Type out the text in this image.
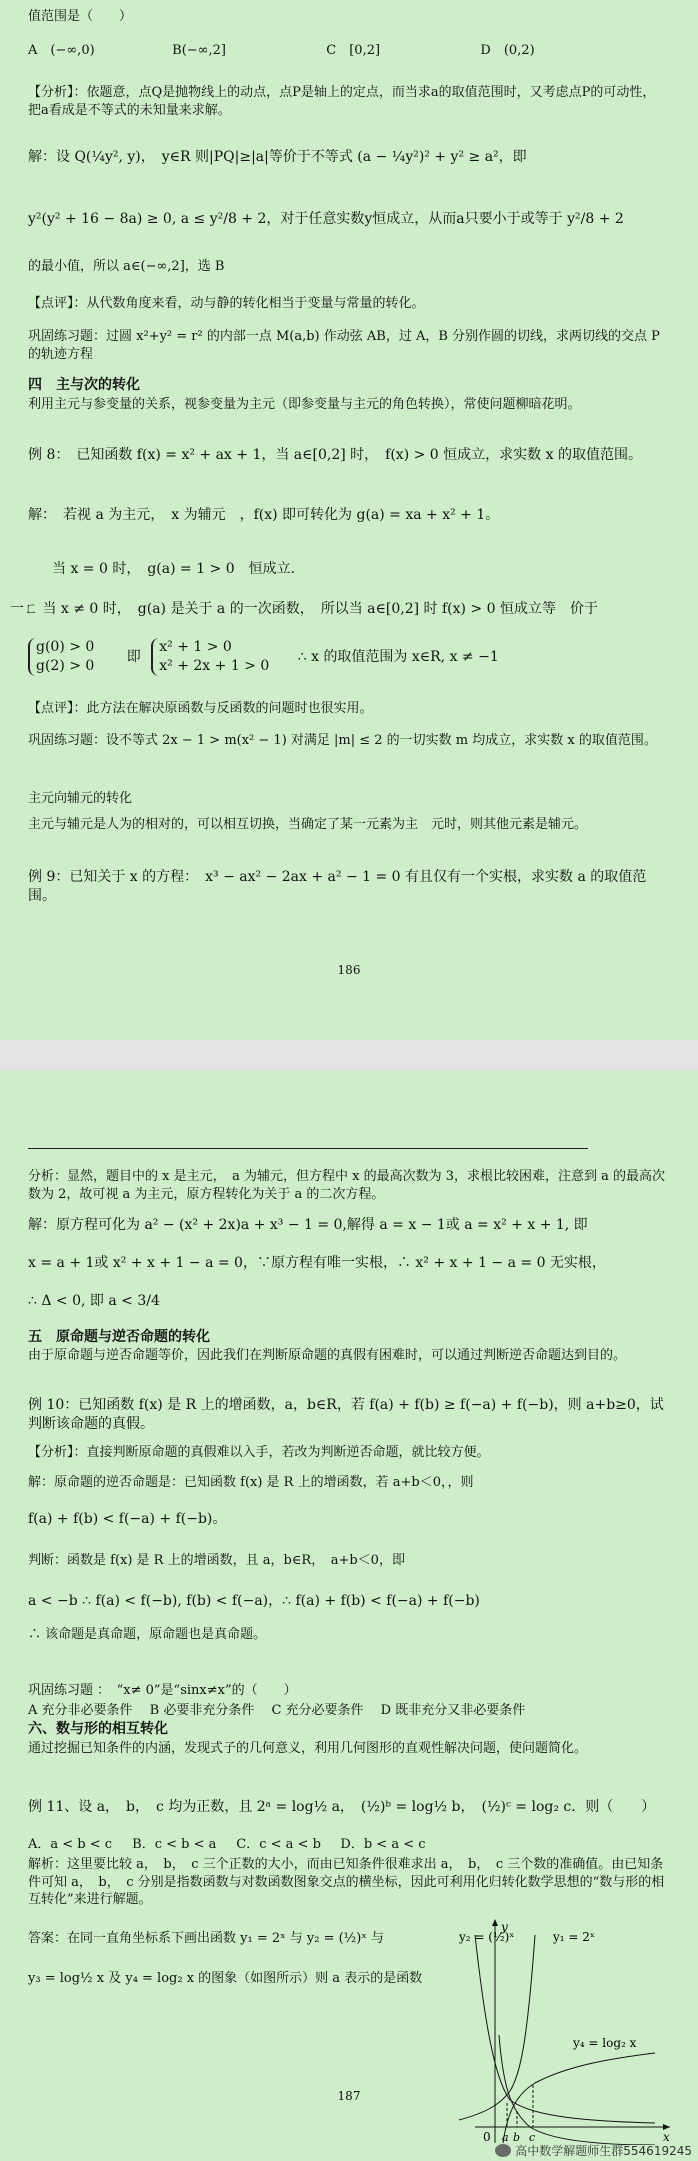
值范围是（　　）
A　(−∞,0)	B(−∞,2]	C　[0,2]	D　(0,2)
【分析】：依题意，点Q是抛物线上的动点，点P是轴上的定点，而当求a的取值范围时，又考虑点P的可动性，把a看成是不等式的未知量来求解。
解：设 Q(¼y², y)，　y∈R 则|PQ|≥|a|等价于不等式 (a − ¼y²)² + y² ≥ a²，即
y²(y² + 16 − 8a) ≥ 0, a ≤ y²/8 + 2，对于任意实数y恒成立，从而a只要小于或等于 y²/8 + 2
的最小值，所以 a∈(−∞,2]，选 B
【点评】：从代数角度来看，动与静的转化相当于变量与常量的转化。
巩固练习题：过圆 x²+y² = r² 的内部一点 M(a,b) 作动弦 AB，过 A，B 分别作圆的切线，求两切线的交点 P 的轨迹方程
四　主与次的转化
利用主元与参变量的关系，视参变量为主元（即参变量与主元的角色转换），常使问题柳暗花明。
例 8：　已知函数 f(x) = x² + ax + 1，当 a∈[0,2] 时，　f(x) > 0 恒成立，求实数 x 的取值范围。
解：　若视 a 为主元，　x 为辅元　，f(x) 即可转化为 g(a) = xa + x² + 1。
当 x = 0 时，　g(a) = 1 > 0　恒成立.
一ㄈ 当 x ≠ 0 时，　g(a) 是关于 a 的一次函数，　所以当 a∈[0,2] 时 f(x) > 0 恒成立等　价于
g(0) > 0
g(2) > 0
即
x² + 1 > 0
x² + 2x + 1 > 0
∴ x 的取值范围为 x∈R, x ≠ −1
【点评】：此方法在解决原函数与反函数的问题时也很实用。
巩固练习题：设不等式 2x − 1 > m(x² − 1) 对满足 |m| ≤ 2 的一切实数 m 均成立，求实数 x 的取值范围。
主元向辅元的转化
主元与辅元是人为的相对的，可以相互切换，当确定了某一元素为主　元时，则其他元素是辅元。
例 9：已知关于 x 的方程：　x³ − ax² − 2ax + a² − 1 = 0 有且仅有一个实根，求实数 a 的取值范围。
186
分析：显然，题目中的 x 是主元，　a 为辅元，但方程中 x 的最高次数为 3，求根比较困难，注意到 a 的最高次数为 2，故可视 a 为主元，原方程转化为关于 a 的二次方程。
解：原方程可化为 a² − (x² + 2x)a + x³ − 1 = 0,解得 a = x − 1或 a = x² + x + 1, 即
x = a + 1或 x² + x + 1 − a = 0，∵原方程有唯一实根，∴ x² + x + 1 − a = 0 无实根，
∴ Δ < 0, 即 a < 3/4
五　原命题与逆否命题的转化
由于原命题与逆否命题等价，因此我们在判断原命题的真假有困难时，可以通过判断逆否命题达到目的。
例 10：已知函数 f(x) 是 R 上的增函数，a，b∈R，若 f(a) + f(b) ≥ f(−a) + f(−b)，则 a+b≥0，试判断该命题的真假。
【分析】：直接判断原命题的真假难以入手，若改为判断逆否命题，就比较方便。
解：原命题的逆否命题是：已知函数 f(x) 是 R 上的增函数，若 a+b＜0，，则
f(a) + f(b) < f(−a) + f(−b)。
判断：函数是 f(x) 是 R 上的增函数，且 a，b∈R，　a+b＜0，即
a < −b ∴ f(a) < f(−b), f(b) < f(−a)，∴ f(a) + f(b) < f(−a) + f(−b)
∴ 该命题是真命题，原命题也是真命题。
巩固练习题 ：　“x≠ 0”是“sinx≠x”的（　　）
A 充分非必要条件　 B 必要非充分条件　 C 充分必要条件　 D 既非充分又非必要条件
六、数与形的相互转化
通过挖掘已知条件的内涵，发现式子的几何意义，利用几何图形的直观性解决问题，使问题简化。
例 11、设 a，　b，　c 均为正数，且 2ᵃ = log½ a，　(½)ᵇ = log½ b，　(½)ᶜ = log₂ c．则（　　）
A．a < b < c B．c < b < a C．c < a < b D．b < a < c
解析：这里要比较 a，　b，　c 三个正数的大小，而由已知条件很难求出 a，　b，　c 三个数的准确值。由已知条件可知 a，　b，　c 分别是指数函数与对数函数图象交点的横坐标，因此可利用化归转化数学思想的“数与形的相互转化”来进行解题。
答案：在同一直角坐标系下画出函数 y₁ = 2ˣ 与 y₂ = (½)ˣ 与
y₃ = log½ x 及 y₄ = log₂ x 的图象（如图所示）则 a 表示的是函数
y₂ = (½)ˣ
y
y₁ = 2ˣ
y₄ = log₂ x
0 a b c	x
187
高中数学解题师生群554619245
